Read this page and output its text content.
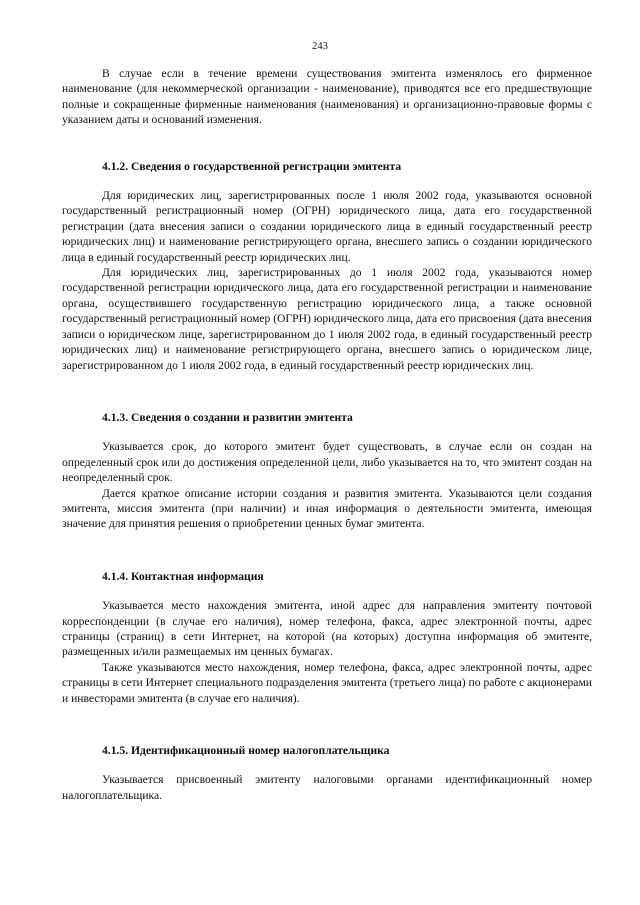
243

В случае если в течение времени существования эмитента изменялось его фирменное наименование (для некоммерческой организации - наименование), приводятся все его предшествующие полные и сокращенные фирменные наименования (наименования) и организационно-правовые формы с указанием даты и оснований изменения.

4.1.2. Сведения о государственной регистрации эмитента

Для юридических лиц, зарегистрированных после 1 июля 2002 года, указываются основной государственный регистрационный номер (ОГРН) юридического лица, дата его государственной регистрации (дата внесения записи о создании юридического лица в единый государственный реестр юридических лиц) и наименование регистрирующего органа, внесшего запись о создании юридического лица в единый государственный реестр юридических лиц.

Для юридических лиц, зарегистрированных до 1 июля 2002 года, указываются номер государственной регистрации юридического лица, дата его государственной регистрации и наименование органа, осуществившего государственную регистрацию юридического лица, а также основной государственный регистрационный номер (ОГРН) юридического лица, дата его присвоения (дата внесения записи о юридическом лице, зарегистрированном до 1 июля 2002 года, в единый государственный реестр юридических лиц) и наименование регистрирующего органа, внесшего запись о юридическом лице, зарегистрированном до 1 июля 2002 года, в единый государственный реестр юридических лиц.

4.1.3. Сведения о создании и развитии эмитента

Указывается срок, до которого эмитент будет существовать, в случае если он создан на определенный срок или до достижения определенной цели, либо указывается на то, что эмитент создан на неопределенный срок.

Дается краткое описание истории создания и развития эмитента. Указываются цели создания эмитента, миссия эмитента (при наличии) и иная информация о деятельности эмитента, имеющая значение для принятия решения о приобретении ценных бумаг эмитента.

4.1.4. Контактная информация

Указывается место нахождения эмитента, иной адрес для направления эмитенту почтовой корреспонденции (в случае его наличия), номер телефона, факса, адрес электронной почты, адрес страницы (страниц) в сети Интернет, на которой (на которых) доступна информация об эмитенте, размещенных и/или размещаемых им ценных бумагах.

Также указываются место нахождения, номер телефона, факса, адрес электронной почты, адрес страницы в сети Интернет специального подразделения эмитента (третьего лица) по работе с акционерами и инвесторами эмитента (в случае его наличия).

4.1.5. Идентификационный номер налогоплательщика

Указывается присвоенный эмитенту налоговыми органами идентификационный номер налогоплательщика.
